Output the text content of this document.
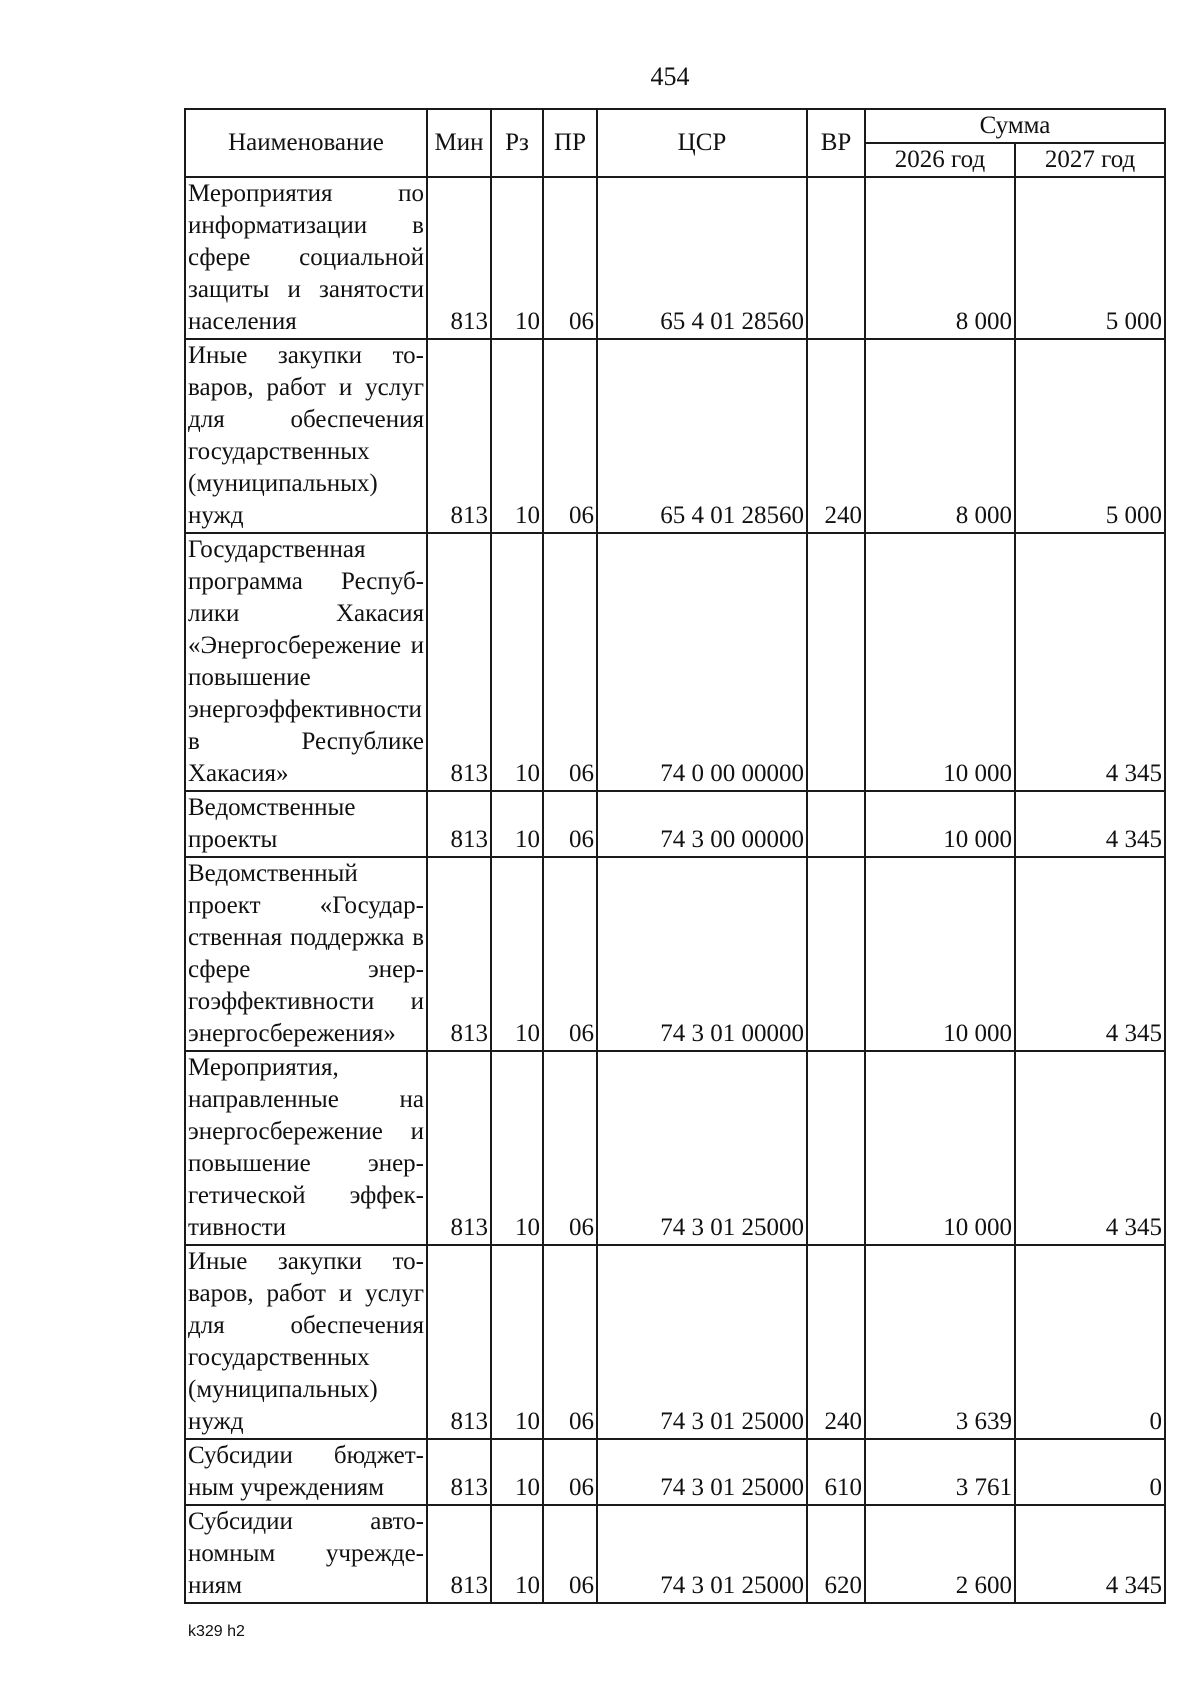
454
Наименование	Мин	Рз	ПР	ЦСР	ВР	Сумма	
						2026 год	2027 год
Мероприятия по информатизации в сфере социальной защиты и занятости населения	813	10	06	65 4 01 28560		8 000	5 000
Иные закупки товаров, работ и услуг для обеспечения государственных (муниципальных) нужд	813	10	06	65 4 01 28560	240	8 000	5 000
Государственная программа Республики Хакасия «Энергосбережение и повышение энергоэффективности в Республике Хакасия»	813	10	06	74 0 00 00000		10 000	4 345
Ведомственные проекты	813	10	06	74 3 00 00000		10 000	4 345
Ведомственный проект «Государственная поддержка в сфере энергоэффективности и энергосбережения»	813	10	06	74 3 01 00000		10 000	4 345
Мероприятия, направленные на энергосбережение и повышение энергетической эффективности	813	10	06	74 3 01 25000		10 000	4 345
Иные закупки товаров, работ и услуг для обеспечения государственных (муниципальных) нужд	813	10	06	74 3 01 25000	240	3 639	0
Субсидии бюджетным учреждениям	813	10	06	74 3 01 25000	610	3 761	0
Субсидии автономным учреждениям	813	10	06	74 3 01 25000	620	2 600	4 345
k329 h2
